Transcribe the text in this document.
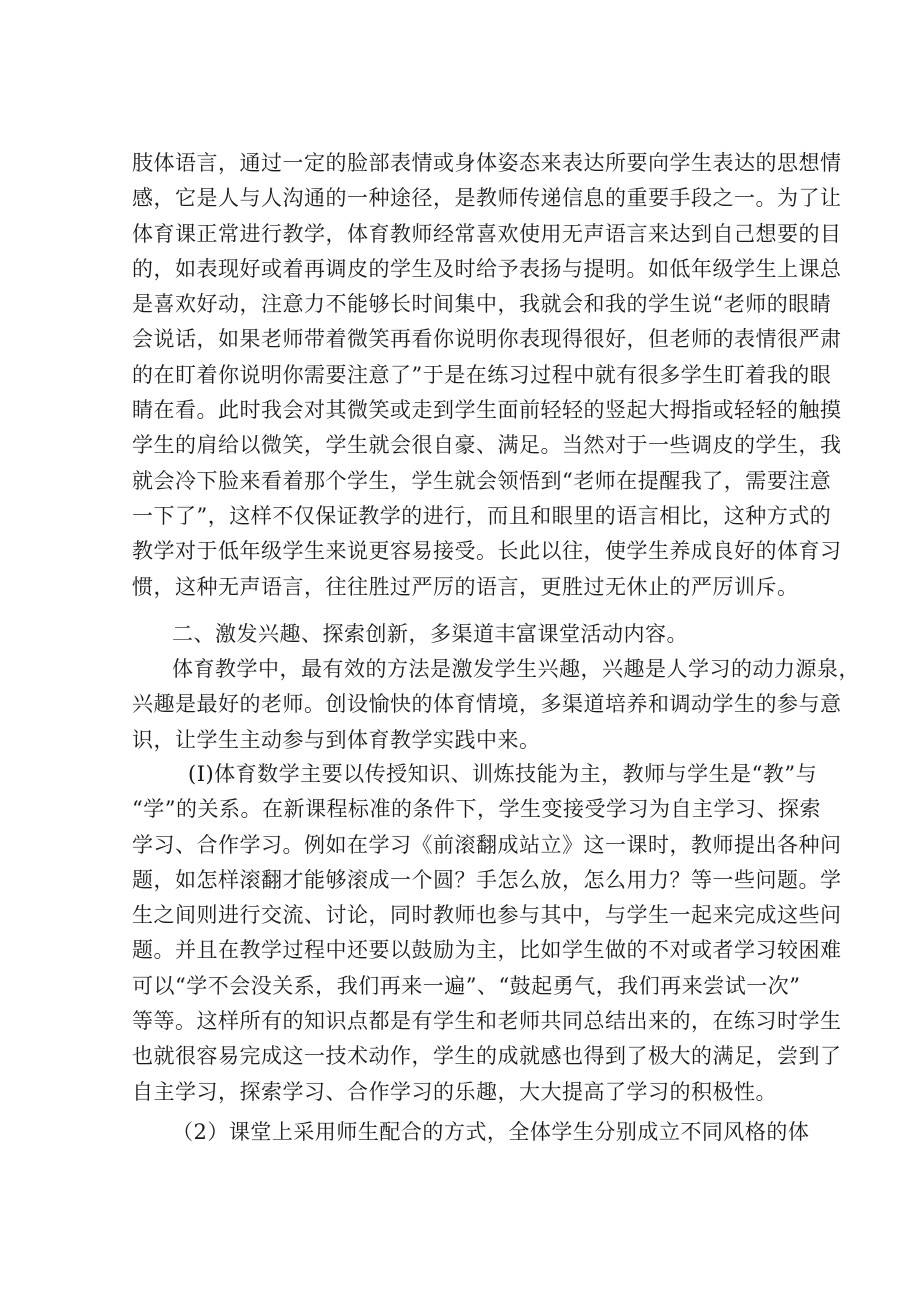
肢体语言，通过一定的脸部表情或身体姿态来表达所要向学生表达的思想情
感，它是人与人沟通的一种途径，是教师传递信息的重要手段之一。为了让
体育课正常进行教学，体育教师经常喜欢使用无声语言来达到自己想要的目
的，如表现好或着再调皮的学生及时给予表扬与提明。如低年级学生上课总
是喜欢好动，注意力不能够长时间集中，我就会和我的学生说“老师的眼睛
会说话，如果老师带着微笑再看你说明你表现得很好，但老师的表情很严肃
的在盯着你说明你需要注意了”于是在练习过程中就有很多学生盯着我的眼
睛在看。此时我会对其微笑或走到学生面前轻轻的竖起大拇指或轻轻的触摸
学生的肩给以微笑，学生就会很自豪、满足。当然对于一些调皮的学生，我
就会冷下脸来看着那个学生，学生就会领悟到“老师在提醒我了，需要注意
一下了”，这样不仅保证教学的进行，而且和眼里的语言相比，这种方式的
教学对于低年级学生来说更容易接受。长此以往，使学生养成良好的体育习
惯，这种无声语言，往往胜过严厉的语言，更胜过无休止的严厉训斥。
二、激发兴趣、探索创新，多渠道丰富课堂活动内容。
体育教学中，最有效的方法是激发学生兴趣，兴趣是人学习的动力源泉，
兴趣是最好的老师。创设愉快的体育情境，多渠道培养和调动学生的参与意
识，让学生主动参与到体育教学实践中来。
(I)体育数学主要以传授知识、训炼技能为主，教师与学生是“教”与
“学”的关系。在新课程标准的条件下，学生变接受学习为自主学习、探索
学习、合作学习。例如在学习《前滚翻成站立》这一课时，教师提出各种问
题，如怎样滚翻才能够滚成一个圆？手怎么放，怎么用力？等一些问题。学
生之间则进行交流、讨论，同时教师也参与其中，与学生一起来完成这些问
题。并且在教学过程中还要以鼓励为主，比如学生做的不对或者学习较困难
可以“学不会没关系，我们再来一遍”、“鼓起勇气，我们再来尝试一次”
等等。这样所有的知识点都是有学生和老师共同总结出来的，在练习时学生
也就很容易完成这一技术动作，学生的成就感也得到了极大的满足，尝到了
自主学习，探索学习、合作学习的乐趣，大大提高了学习的积极性。
（2）课堂上采用师生配合的方式，全体学生分别成立不同风格的体
